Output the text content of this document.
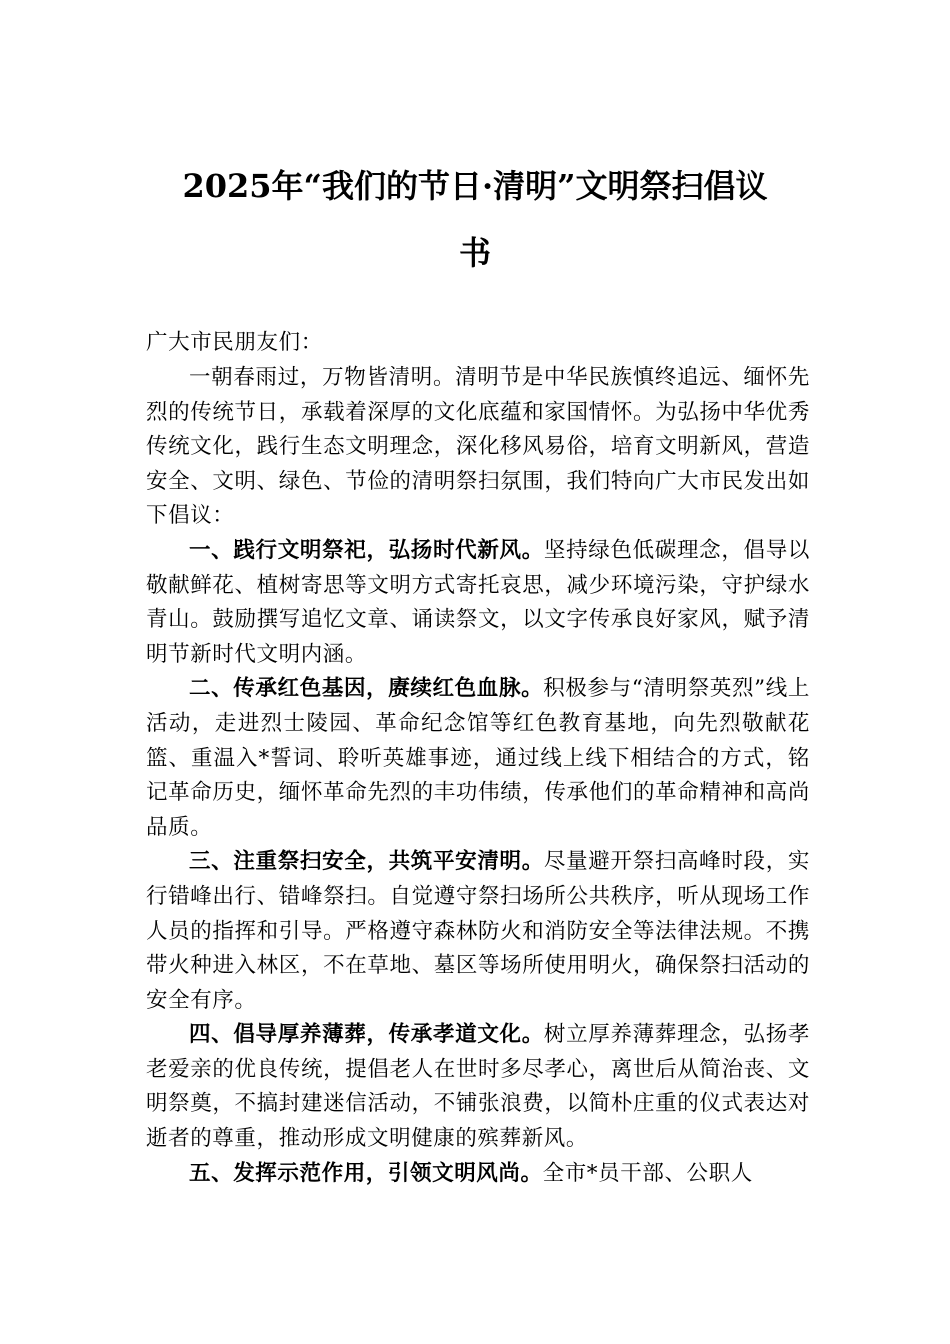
2025年“我们的节日·清明”文明祭扫倡议
书
广大市民朋友们：

一朝春雨过，万物皆清明。清明节是中华民族慎终追远、缅怀先烈的传统节日，承载着深厚的文化底蕴和家国情怀。为弘扬中华优秀传统文化，践行生态文明理念，深化移风易俗，培育文明新风，营造安全、文明、绿色、节俭的清明祭扫氛围，我们特向广大市民发出如下倡议：

一、践行文明祭祀，弘扬时代新风。坚持绿色低碳理念，倡导以敬献鲜花、植树寄思等文明方式寄托哀思，减少环境污染，守护绿水青山。鼓励撰写追忆文章、诵读祭文，以文字传承良好家风，赋予清明节新时代文明内涵。

二、传承红色基因，赓续红色血脉。积极参与“清明祭英烈”线上活动，走进烈士陵园、革命纪念馆等红色教育基地，向先烈敬献花篮、重温入*誓词、聆听英雄事迹，通过线上线下相结合的方式，铭记革命历史，缅怀革命先烈的丰功伟绩，传承他们的革命精神和高尚品质。

三、注重祭扫安全，共筑平安清明。尽量避开祭扫高峰时段，实行错峰出行、错峰祭扫。自觉遵守祭扫场所公共秩序，听从现场工作人员的指挥和引导。严格遵守森林防火和消防安全等法律法规。不携带火种进入林区，不在草地、墓区等场所使用明火，确保祭扫活动的安全有序。

四、倡导厚养薄葬，传承孝道文化。树立厚养薄葬理念，弘扬孝老爱亲的优良传统，提倡老人在世时多尽孝心，离世后从简治丧、文明祭奠，不搞封建迷信活动，不铺张浪费，以简朴庄重的仪式表达对逝者的尊重，推动形成文明健康的殡葬新风。

五、发挥示范作用，引领文明风尚。全市*员干部、公职人
